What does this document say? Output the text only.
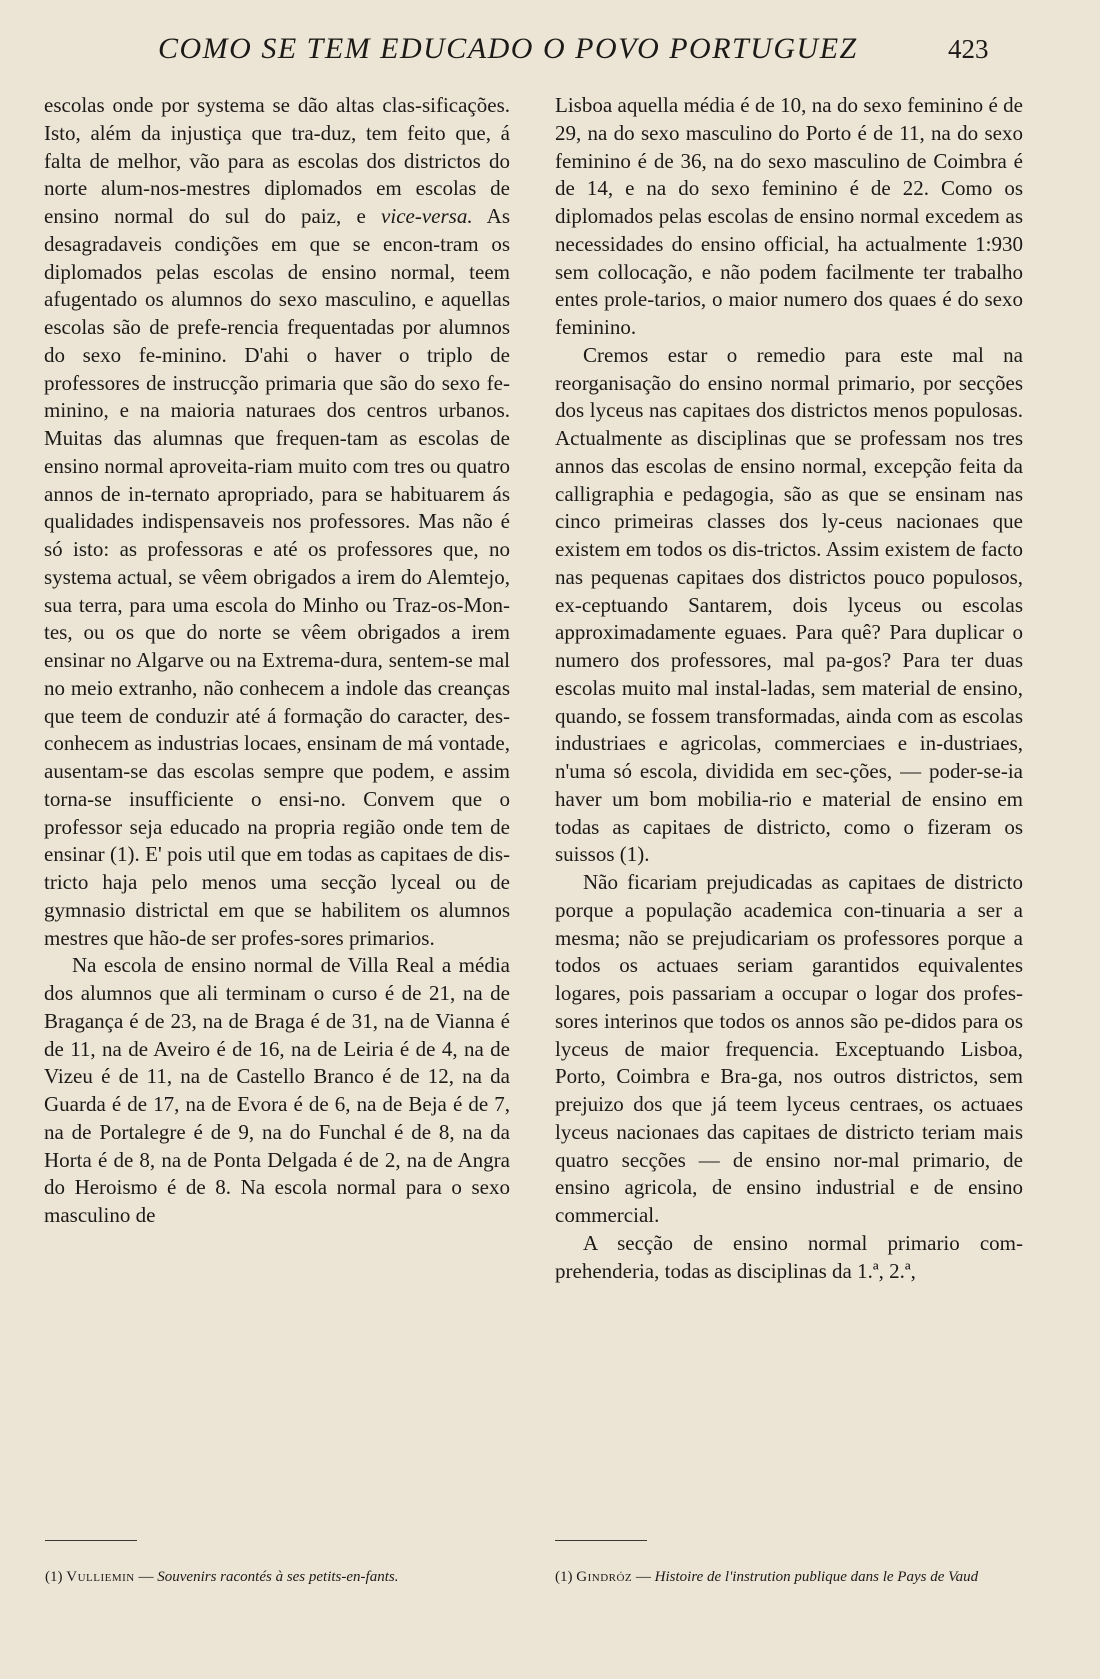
COMO SE TEM EDUCADO O POVO PORTUGUEZ	423

escolas onde por systema se dão altas clas-sificações. Isto, além da injustiça que tra-duz, tem feito que, á falta de melhor, vão para as escolas dos districtos do norte alum-nos-mestres diplomados em escolas de ensino normal do sul do paiz, e vice-versa. As desagradaveis condições em que se encon-tram os diplomados pelas escolas de ensino normal, teem afugentado os alumnos do sexo masculino, e aquellas escolas são de prefe-rencia frequentadas por alumnos do sexo fe-minino. D'ahi o haver o triplo de professores de instrucção primaria que são do sexo fe-minino, e na maioria naturaes dos centros urbanos. Muitas das alumnas que frequen-tam as escolas de ensino normal aproveita-riam muito com tres ou quatro annos de in-ternato apropriado, para se habituarem ás qualidades indispensaveis nos professores. Mas não é só isto: as professoras e até os professores que, no systema actual, se vêem obrigados a irem do Alemtejo, sua terra, para uma escola do Minho ou Traz-os-Mon-tes, ou os que do norte se vêem obrigados a irem ensinar no Algarve ou na Extrema-dura, sentem-se mal no meio extranho, não conhecem a indole das creanças que teem de conduzir até á formação do caracter, des-conhecem as industrias locaes, ensinam de má vontade, ausentam-se das escolas sempre que podem, e assim torna-se insufficiente o ensi-no. Convem que o professor seja educado na propria região onde tem de ensinar (1). E' pois util que em todas as capitaes de dis-tricto haja pelo menos uma secção lyceal ou de gymnasio districtal em que se habilitem os alumnos mestres que hão-de ser profes-sores primarios.

Na escola de ensino normal de Villa Real a média dos alumnos que ali terminam o curso é de 21, na de Bragança é de 23, na de Braga é de 31, na de Vianna é de 11, na de Aveiro é de 16, na de Leiria é de 4, na de Vizeu é de 11, na de Castello Branco é de 12, na da Guarda é de 17, na de Evora é de 6, na de Beja é de 7, na de Portalegre é de 9, na do Funchal é de 8, na da Horta é de 8, na de Ponta Delgada é de 2, na de Angra do Heroismo é de 8. Na escola normal para o sexo masculino de

Lisboa aquella média é de 10, na do sexo feminino é de 29, na do sexo masculino do Porto é de 11, na do sexo feminino é de 36, na do sexo masculino de Coimbra é de 14, e na do sexo feminino é de 22. Como os diplomados pelas escolas de ensino normal excedem as necessidades do ensino official, ha actualmente 1:930 sem collocação, e não podem facilmente ter trabalho entes prole-tarios, o maior numero dos quaes é do sexo feminino.

Cremos estar o remedio para este mal na reorganisação do ensino normal primario, por secções dos lyceus nas capitaes dos districtos menos populosas. Actualmente as disciplinas que se professam nos tres annos das escolas de ensino normal, excepção feita da calligraphia e pedagogia, são as que se ensinam nas cinco primeiras classes dos ly-ceus nacionaes que existem em todos os dis-trictos. Assim existem de facto nas pequenas capitaes dos districtos pouco populosos, ex-ceptuando Santarem, dois lyceus ou escolas approximadamente eguaes. Para quê? Para duplicar o numero dos professores, mal pa-gos? Para ter duas escolas muito mal instal-ladas, sem material de ensino, quando, se fossem transformadas, ainda com as escolas industriaes e agricolas, commerciaes e in-dustriaes, n'uma só escola, dividida em sec-ções, — poder-se-ia haver um bom mobilia-rio e material de ensino em todas as capitaes de districto, como o fizeram os suissos (1).

Não ficariam prejudicadas as capitaes de districto porque a população academica con-tinuaria a ser a mesma; não se prejudicariam os professores porque a todos os actuaes seriam garantidos equivalentes logares, pois passariam a occupar o logar dos profes-sores interinos que todos os annos são pe-didos para os lyceus de maior frequencia. Exceptuando Lisboa, Porto, Coimbra e Bra-ga, nos outros districtos, sem prejuizo dos que já teem lyceus centraes, os actuaes lyceus nacionaes das capitaes de districto teriam mais quatro secções — de ensino nor-mal primario, de ensino agricola, de ensino industrial e de ensino commercial.

A secção de ensino normal primario com-prehenderia, todas as disciplinas da 1.ª, 2.ª,

(1) Vulliemin — Souvenirs racontés à ses petits-en-fants.	(1) Gindróz — Histoire de l'instrution publique dans le Pays de Vaud
